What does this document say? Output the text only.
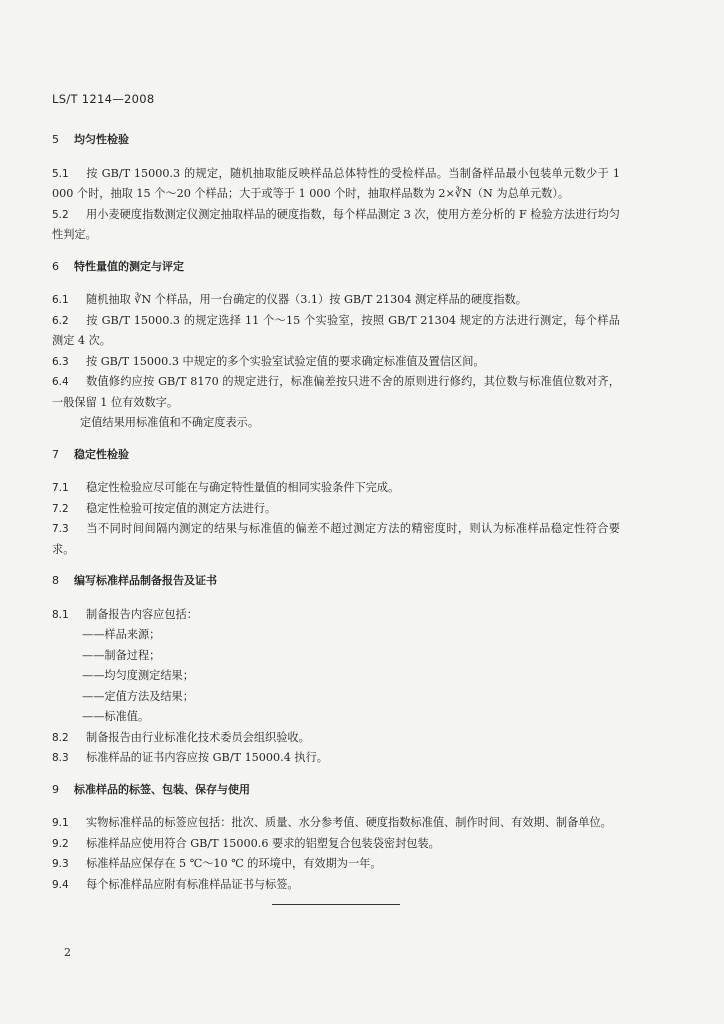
LS/T 1214—2008
5 均匀性检验
5.1 按 GB/T 15000.3 的规定，随机抽取能反映样品总体特性的受检样品。当制备样品最小包装单元数少于 1 000 个时，抽取 15 个～20 个样品；大于或等于 1 000 个时，抽取样品数为 2×∛N（N 为总单元数）。
5.2 用小麦硬度指数测定仪测定抽取样品的硬度指数，每个样品测定 3 次，使用方差分析的 F 检验方法进行均匀性判定。
6 特性量值的测定与评定
6.1 随机抽取 ∛N 个样品，用一台确定的仪器（3.1）按 GB/T 21304 测定样品的硬度指数。
6.2 按 GB/T 15000.3 的规定选择 11 个～15 个实验室，按照 GB/T 21304 规定的方法进行测定，每个样品测定 4 次。
6.3 按 GB/T 15000.3 中规定的多个实验室试验定值的要求确定标准值及置信区间。
6.4 数值修约应按 GB/T 8170 的规定进行，标准偏差按只进不舍的原则进行修约，其位数与标准值位数对齐，一般保留 1 位有效数字。
定值结果用标准值和不确定度表示。
7 稳定性检验
7.1 稳定性检验应尽可能在与确定特性量值的相同实验条件下完成。
7.2 稳定性检验可按定值的测定方法进行。
7.3 当不同时间间隔内测定的结果与标准值的偏差不超过测定方法的精密度时，则认为标准样品稳定性符合要求。
8 编写标准样品制备报告及证书
8.1 制备报告内容应包括：
——样品来源；
——制备过程；
——均匀度测定结果；
——定值方法及结果；
——标准值。
8.2 制备报告由行业标准化技术委员会组织验收。
8.3 标准样品的证书内容应按 GB/T 15000.4 执行。
9 标准样品的标签、包装、保存与使用
9.1 实物标准样品的标签应包括：批次、质量、水分参考值、硬度指数标准值、制作时间、有效期、制备单位。
9.2 标准样品应使用符合 GB/T 15000.6 要求的铝塑复合包装袋密封包装。
9.3 标准样品应保存在 5 ℃～10 ℃ 的环境中，有效期为一年。
9.4 每个标准样品应附有标准样品证书与标签。
2
